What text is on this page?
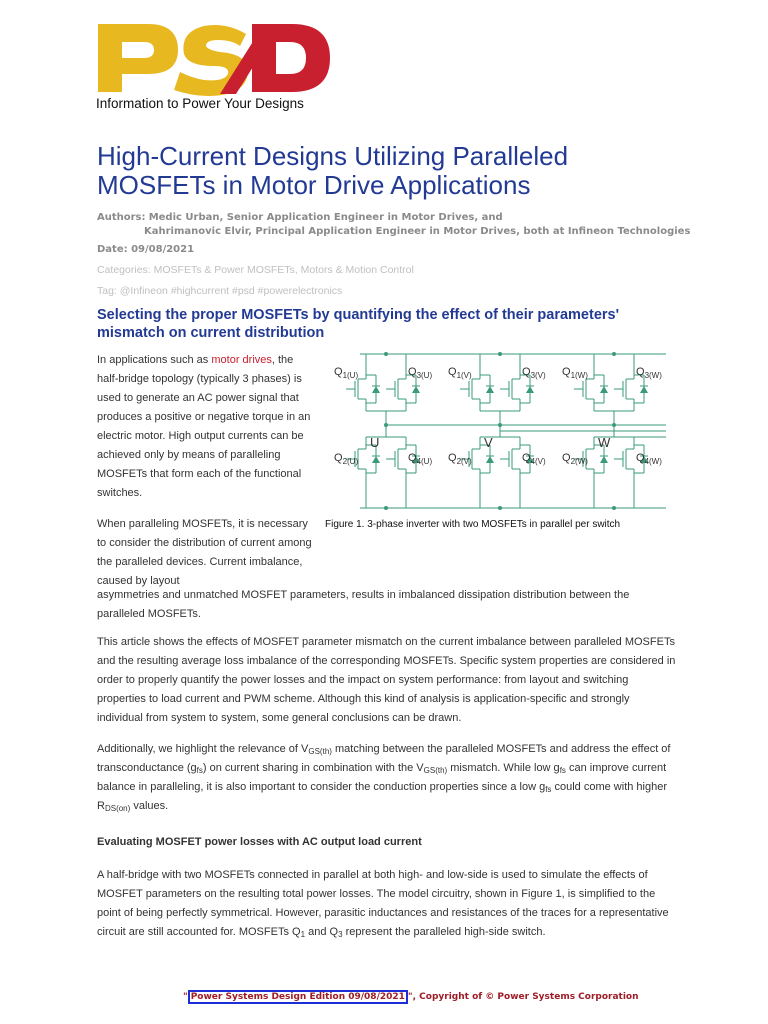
Information to Power Your Designs
High-Current Designs Utilizing Paralleled MOSFETs in Motor Drive Applications
Authors: Medic Urban, Senior Application Engineer in Motor Drives, and
Kahrimanovic Elvir, Principal Application Engineer in Motor Drives, both at Infineon Technologies
Date: 09/08/2021
Categories: MOSFETs & Power MOSFETs, Motors & Motion Control
Tag: @Infineon #highcurrent #psd #powerelectronics
Selecting the proper MOSFETs by quantifying the effect of their parameters' mismatch on current distribution

In applications such as motor drives, the half-bridge topology (typically 3 phases) is used to generate an AC power signal that produces a positive or negative torque in an electric motor. High output currents can be achieved only by means of paralleling MOSFETs that form each of the functional switches.

$Q_{1(U)}$	$Q_{3(U)}$
$Q_{2(U)}$	$Q_{4(U)}$
U
$Q_{1(V)}$	$Q_{3(V)}$
$Q_{2(V)}$	$Q_{4(V)}$
V
$Q_{1(W)}$	$Q_{3(W)}$
$Q_{2(W)}$	$Q_{4(W)}$
W
Figure 1. 3-phase inverter with two MOSFETs in parallel per switch

When paralleling MOSFETs, it is necessary to consider the distribution of current among the paralleled devices. Current imbalance, caused by layout

asymmetries and unmatched MOSFET parameters, results in imbalanced dissipation distribution between the paralleled MOSFETs.

This article shows the effects of MOSFET parameter mismatch on the current imbalance between paralleled MOSFETs and the resulting average loss imbalance of the corresponding MOSFETs. Specific system properties are considered in order to properly quantify the power losses and the impact on system performance: from layout and switching properties to load current and PWM scheme. Although this kind of analysis is application-specific and strongly individual from system to system, some general conclusions can be drawn.

Additionally, we highlight the relevance of $V_{GS(th)}$ matching between the paralleled MOSFETs and address the effect of transconductance $(g_{fs})$ on current sharing in combination with the $V_{GS(th)}$ mismatch. While low $g_{fs}$ can improve current balance in paralleling, it is also important to consider the conduction properties since a low $g_{fs}$ could come with higher $R_{DS(on)}$ values.

Evaluating MOSFET power losses with AC output load current

A half-bridge with two MOSFETs connected in parallel at both high- and low-side is used to simulate the effects of MOSFET parameters on the resulting total power losses. The model circuitry, shown in Figure 1, is simplified to the point of being perfectly symmetrical. However, parasitic inductances and resistances of the traces for a representative circuit are still accounted for. MOSFETs $Q_1$ and $Q_3$ represent the paralleled high-side switch.

" Power Systems Design Edition 09/08/2021 ", Copyright of © Power Systems Corporation
